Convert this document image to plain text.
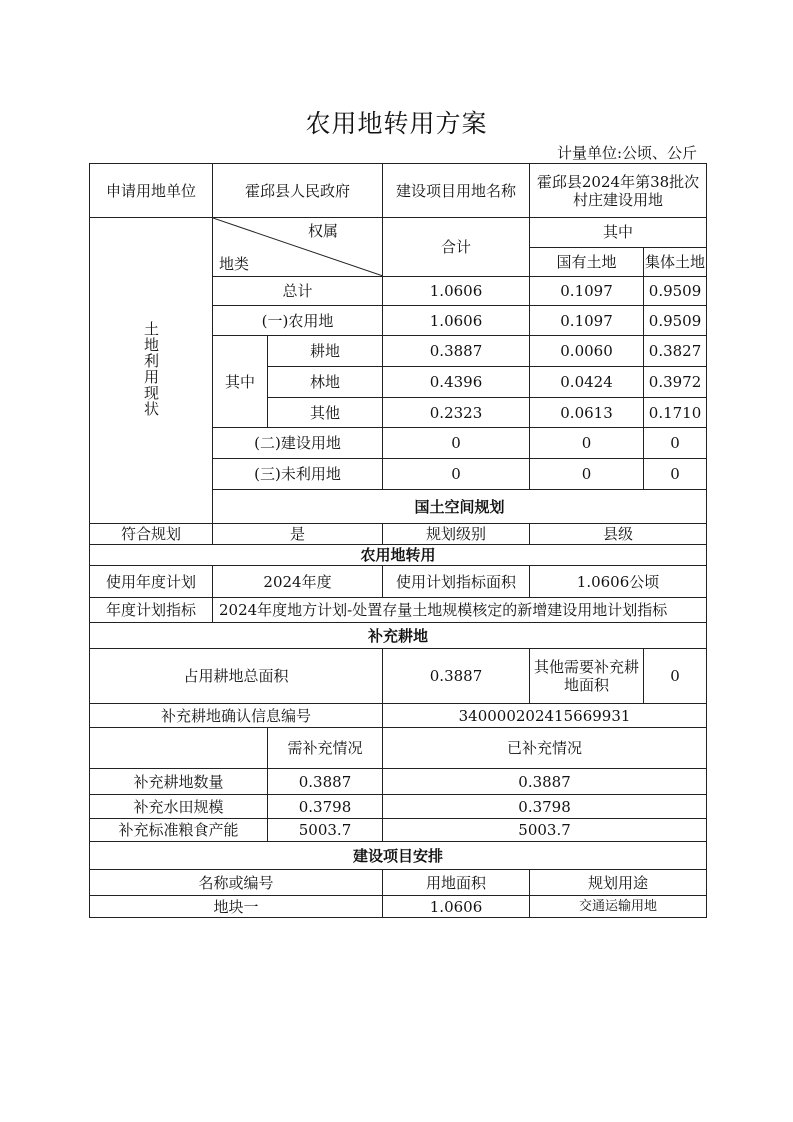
农用地转用方案
计量单位:公顷、公斤
申请用地单位	霍邱县人民政府		建设项目用地名称	霍邱县2024年第38批次村庄建设用地	
土地利用现状	权属
地类		合计	其中	
				国有土地	集体土地
	总计		1.0606	0.1097	0.9509
	(一)农用地		1.0606	0.1097	0.9509
	其中	耕地	0.3887	0.0060	0.3827
		林地	0.4396	0.0424	0.3972
		其他	0.2323	0.0613	0.1710
	(二)建设用地		0	0	0
	(三)未利用地		0	0	0
	国土空间规划				
符合规划	是		规划级别	县级	
农用地转用					
使用年度计划	2024年度		使用计划指标面积	1.0606公顷	
年度计划指标	2024年度地方计划-处置存量土地规模核定的新增建设用地计划指标				
补充耕地					
占用耕地总面积			0.3887	其他需要补充耕地面积	0
补充耕地确认信息编号			340000202415669931		
		需补充情况	已补充情况		
补充耕地数量		0.3887	0.3887		
补充水田规模		0.3798	0.3798		
补充标准粮食产能		5003.7	5003.7		
建设项目安排					
名称或编号			用地面积	规划用途	
地块一			1.0606	交通运输用地	
